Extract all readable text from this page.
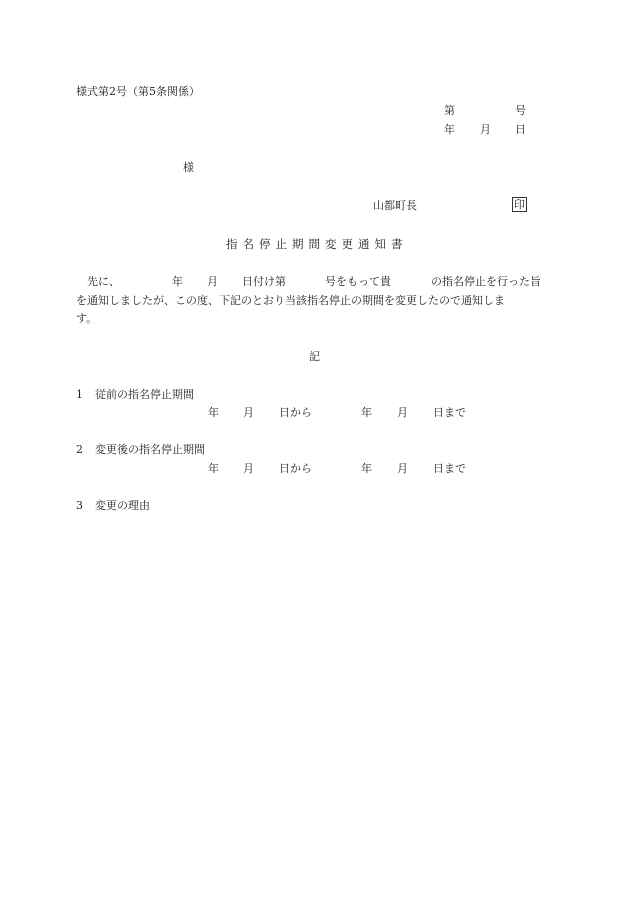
様式第2号（第5条関係）
第	号
年 月 日
様
山都町長	印
指名停止期間変更通知書

先に、	年 月 日付け第	号をもって貴	の指名停止を行った旨

を通知しましたが、この度、下記のとおり当該指名停止の期間を変更したので通知しま

す。

記
1 従前の指名停止期間
年 月 日から	年 月 日まで
2 変更後の指名停止期間
年 月 日から	年 月 日まで
3 変更の理由
